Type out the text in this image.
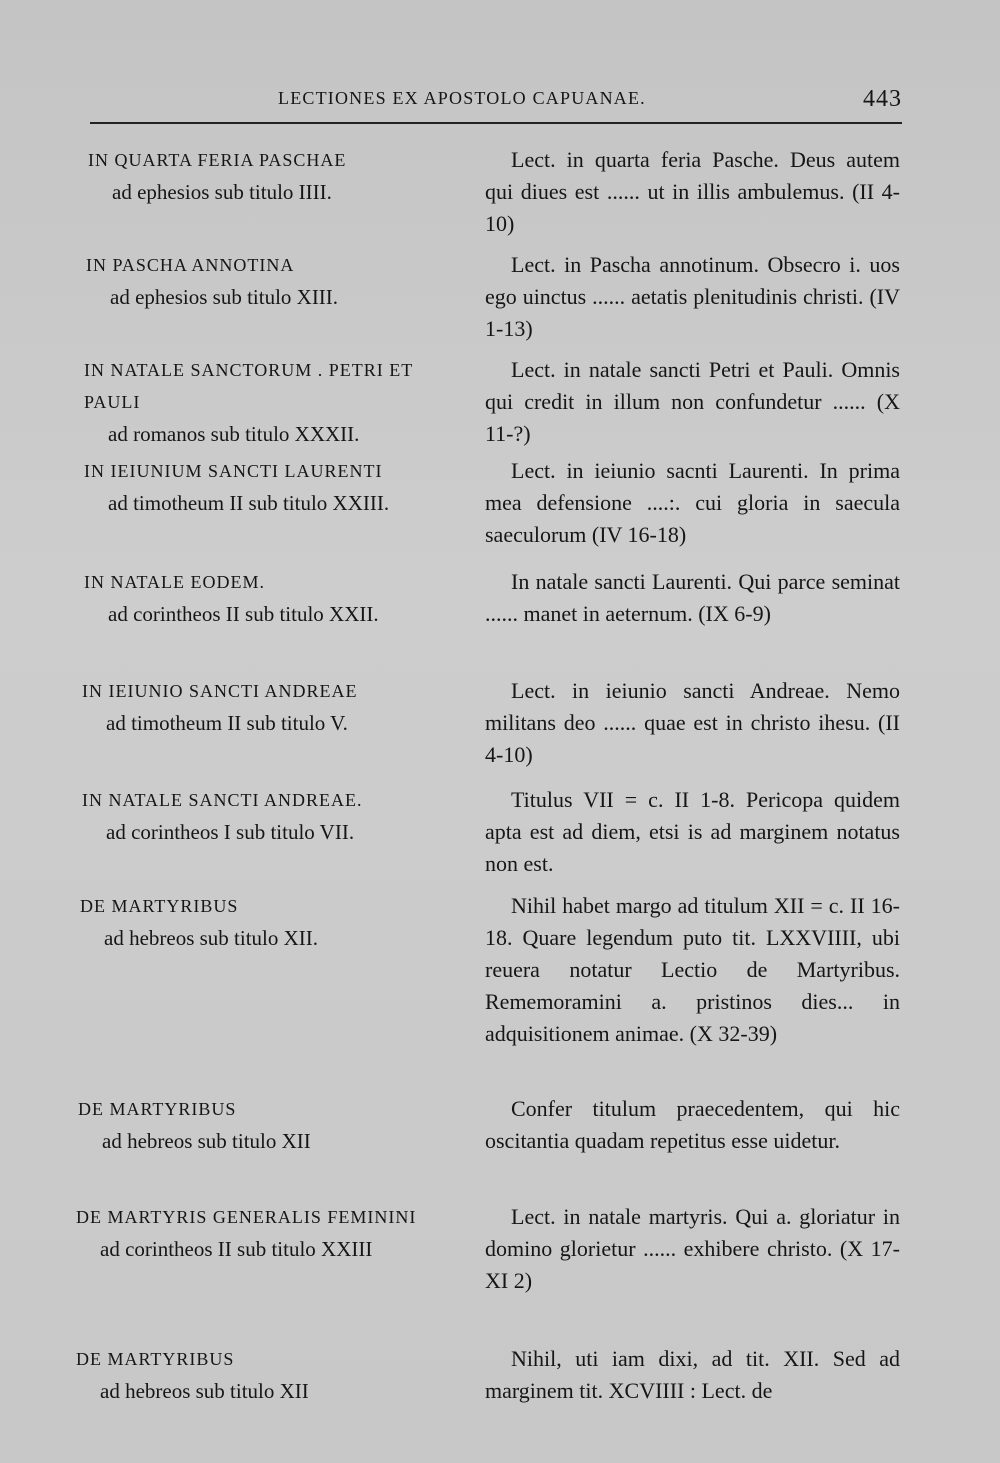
LECTIONES EX APOSTOLO CAPUANAE.	443

IN QUARTA FERIA PASCHAE

ad ephesios sub titulo IIII.

Lect. in quarta feria Pasche. Deus autem qui diues est ...... ut in illis ambulemus. (II 4-10)

IN PASCHA ANNOTINA

ad ephesios sub titulo XIII.

Lect. in Pascha annotinum. Obsecro i. uos ego uinctus ...... aetatis plenitudinis christi. (IV 1-13)

IN NATALE SANCTORUM . PETRI ET PAULI

ad romanos sub titulo XXXII.

Lect. in natale sancti Petri et Pauli. Omnis qui credit in illum non confundetur ...... (X 11-?)

IN IEIUNIUM SANCTI LAURENTI

ad timotheum II sub titulo XXIII.

Lect. in ieiunio sacnti Laurenti. In prima mea defensione ....:. cui gloria in saecula saeculorum (IV 16-18)

IN NATALE EODEM.

ad corintheos II sub titulo XXII.

In natale sancti Laurenti. Qui parce seminat ...... manet in aeternum. (IX 6-9)

IN IEIUNIO SANCTI ANDREAE

ad timotheum II sub titulo V.

Lect. in ieiunio sancti Andreae. Nemo militans deo ...... quae est in christo ihesu. (II 4-10)

IN NATALE SANCTI ANDREAE.

ad corintheos I sub titulo VII.

Titulus VII = c. II 1-8. Pericopa quidem apta est ad diem, etsi is ad marginem notatus non est.

DE MARTYRIBUS

ad hebreos sub titulo XII.

Nihil habet margo ad titulum XII = c. II 16-18. Quare legendum puto tit. LXXVIIII, ubi reuera notatur Lectio de Martyribus. Rememoramini a. pristinos dies... in adquisitionem animae. (X 32-39)

DE MARTYRIBUS

ad hebreos sub titulo XII

Confer titulum praecedentem, qui hic oscitantia quadam repetitus esse uidetur.

DE MARTYRIS GENERALIS FEMININI

ad corintheos II sub titulo XXIII

Lect. in natale martyris. Qui a. gloriatur in domino glorietur ...... exhibere christo. (X 17-XI 2)

DE MARTYRIBUS

ad hebreos sub titulo XII

Nihil, uti iam dixi, ad tit. XII. Sed ad marginem tit. XCVIIII : Lect. de
